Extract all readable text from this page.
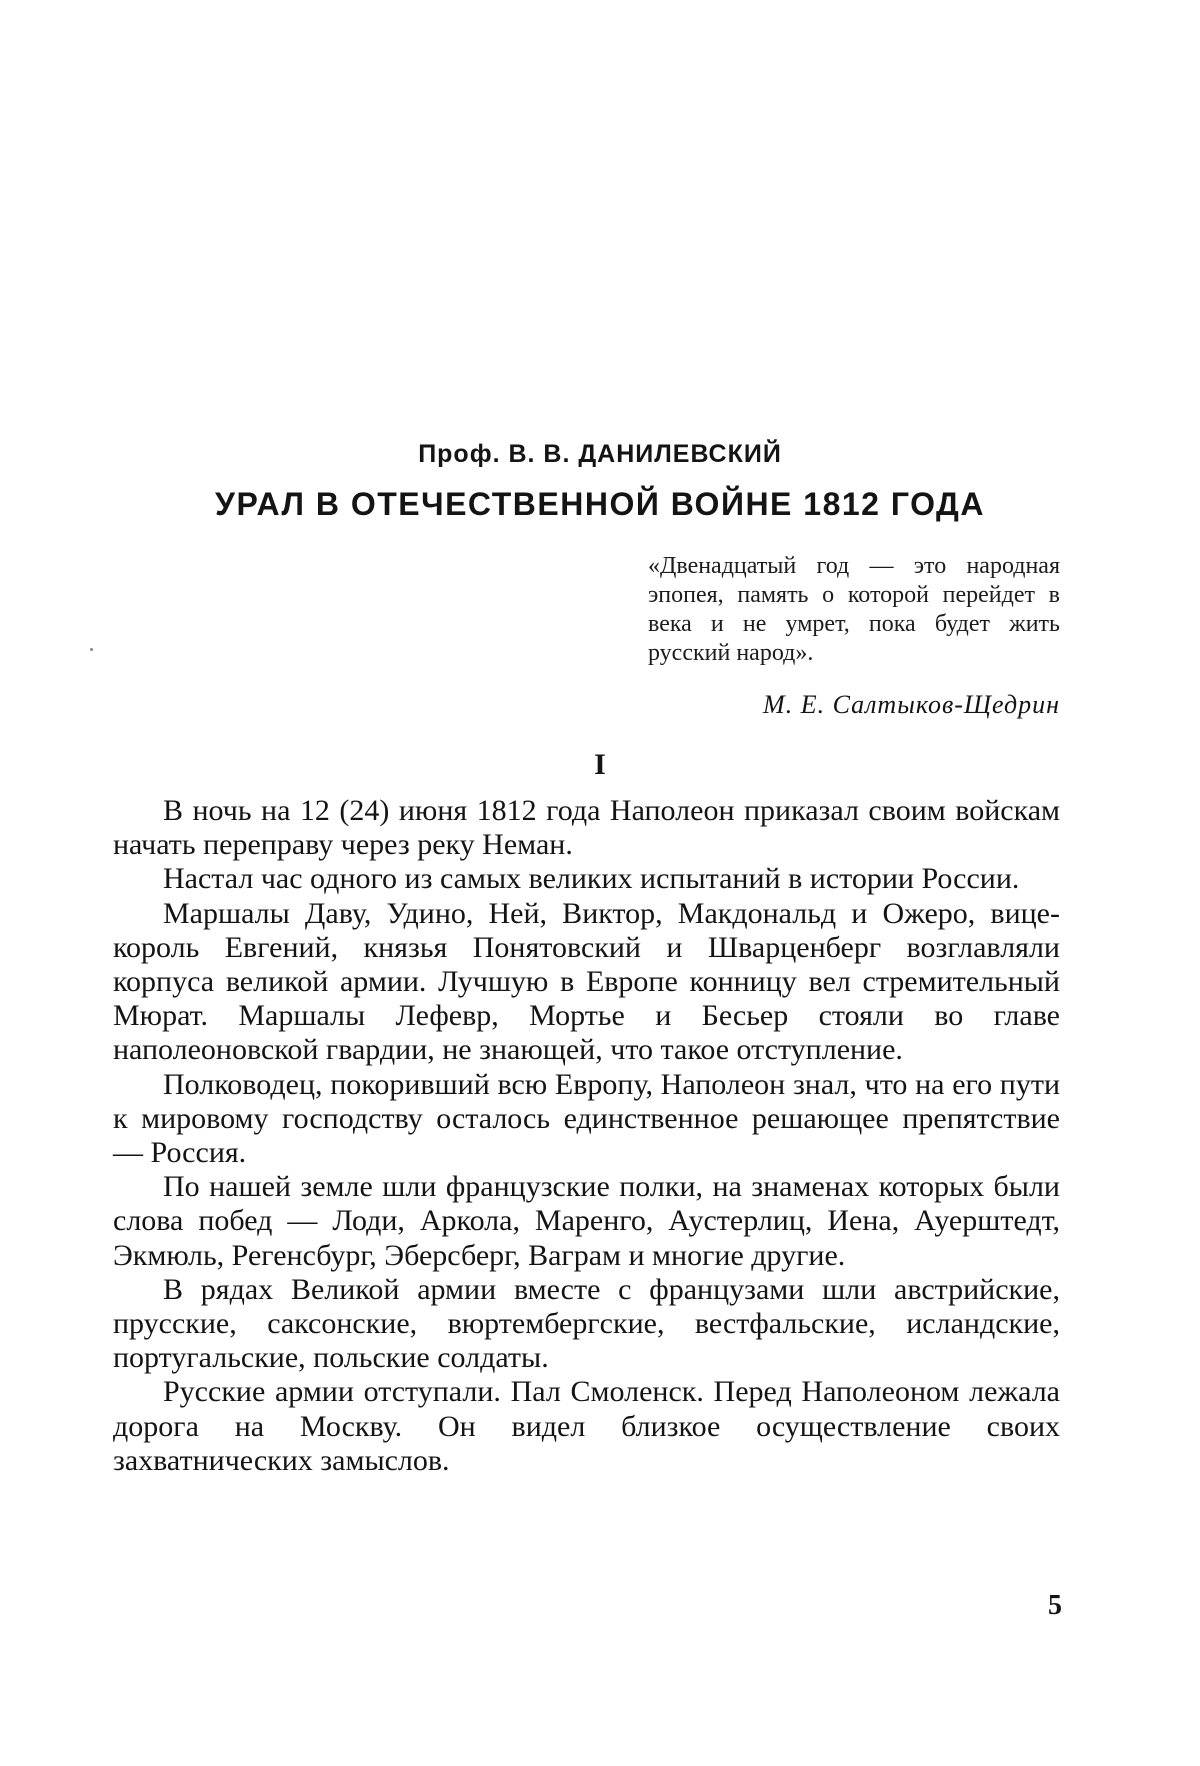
Проф. В. В. ДАНИЛЕВСКИЙ
УРАЛ В ОТЕЧЕСТВЕННОЙ ВОЙНЕ 1812 ГОДА
«Двенадцатый год — это народная эпопея, память о которой перейдет в века и не умрет, пока будет жить русский народ».
М. Е. Салтыков-Щедрин
I

В ночь на 12 (24) июня 1812 года Наполеон приказал своим войскам начать переправу через реку Неман.

Настал час одного из самых великих испытаний в истории России.

Маршалы Даву, Удино, Ней, Виктор, Макдональд и Ожеро, вице-король Евгений, князья Понятовский и Шварценберг возглавляли корпуса великой армии. Лучшую в Европе конницу вел стремительный Мюрат. Маршалы Лефевр, Мортье и Бесьер стояли во главе наполеоновской гвардии, не знающей, что такое отступление.

Полководец, покоривший всю Европу, Наполеон знал, что на его пути к мировому господству осталось единственное решающее препятствие — Россия.

По нашей земле шли французские полки, на знаменах которых были слова побед — Лоди, Аркола, Маренго, Аустерлиц, Иена, Ауерштедт, Экмюль, Регенсбург, Эберсберг, Ваграм и многие другие.

В рядах Великой армии вместе с французами шли австрийские, прусские, саксонские, вюртембергские, вестфальские, исландские, португальские, польские солдаты.

Русские армии отступали. Пал Смоленск. Перед Наполеоном лежала дорога на Москву. Он видел близкое осуществление своих захватнических замыслов.

5
